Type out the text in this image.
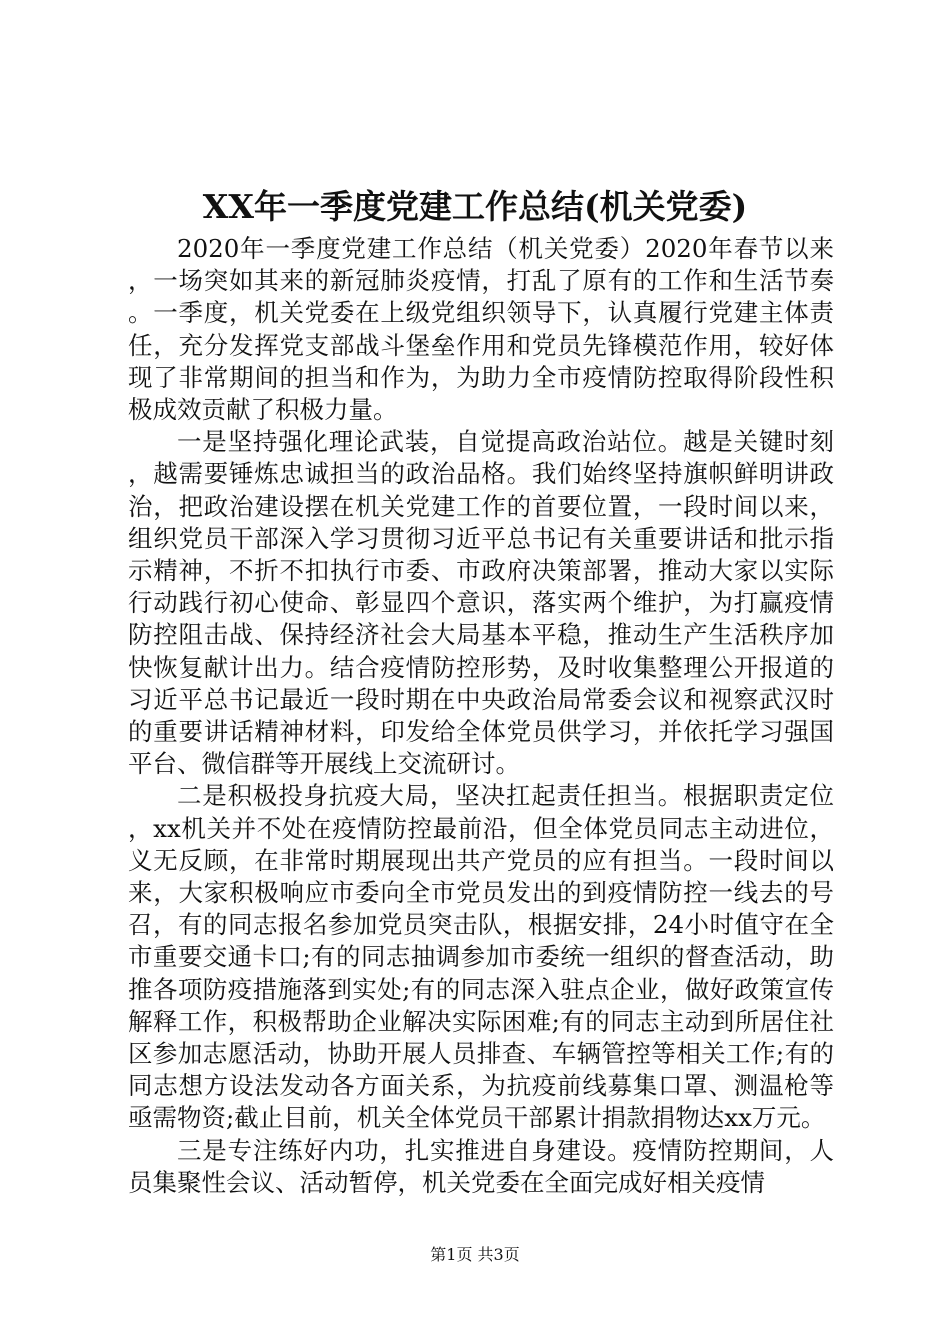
XX年一季度党建工作总结(机关党委)

2020年一季度党建工作总结（机关党委）2020年春节以来，一场突如其来的新冠肺炎疫情，打乱了原有的工作和生活节奏。一季度，机关党委在上级党组织领导下，认真履行党建主体责任，充分发挥党支部战斗堡垒作用和党员先锋模范作用，较好体现了非常期间的担当和作为，为助力全市疫情防控取得阶段性积极成效贡献了积极力量。

一是坚持强化理论武装，自觉提高政治站位。越是关键时刻，越需要锤炼忠诚担当的政治品格。我们始终坚持旗帜鲜明讲政治，把政治建设摆在机关党建工作的首要位置，一段时间以来，组织党员干部深入学习贯彻习近平总书记有关重要讲话和批示指示精神，不折不扣执行市委、市政府决策部署，推动大家以实际行动践行初心使命、彰显四个意识，落实两个维护，为打赢疫情防控阻击战、保持经济社会大局基本平稳，推动生产生活秩序加快恢复献计出力。结合疫情防控形势，及时收集整理公开报道的习近平总书记最近一段时期在中央政治局常委会议和视察武汉时的重要讲话精神材料，印发给全体党员供学习，并依托学习强国平台、微信群等开展线上交流研讨。

二是积极投身抗疫大局，坚决扛起责任担当。根据职责定位，xx机关并不处在疫情防控最前沿，但全体党员同志主动进位，义无反顾，在非常时期展现出共产党员的应有担当。一段时间以来，大家积极响应市委向全市党员发出的到疫情防控一线去的号召，有的同志报名参加党员突击队，根据安排，24小时值守在全市重要交通卡口;有的同志抽调参加市委统一组织的督查活动，助推各项防疫措施落到实处;有的同志深入驻点企业，做好政策宣传解释工作，积极帮助企业解决实际困难;有的同志主动到所居住社区参加志愿活动，协助开展人员排查、车辆管控等相关工作;有的同志想方设法发动各方面关系，为抗疫前线募集口罩、测温枪等亟需物资;截止目前，机关全体党员干部累计捐款捐物达xx万元。

三是专注练好内功，扎实推进自身建设。疫情防控期间，人员集聚性会议、活动暂停，机关党委在全面完成好相关疫情

第1页 共3页
